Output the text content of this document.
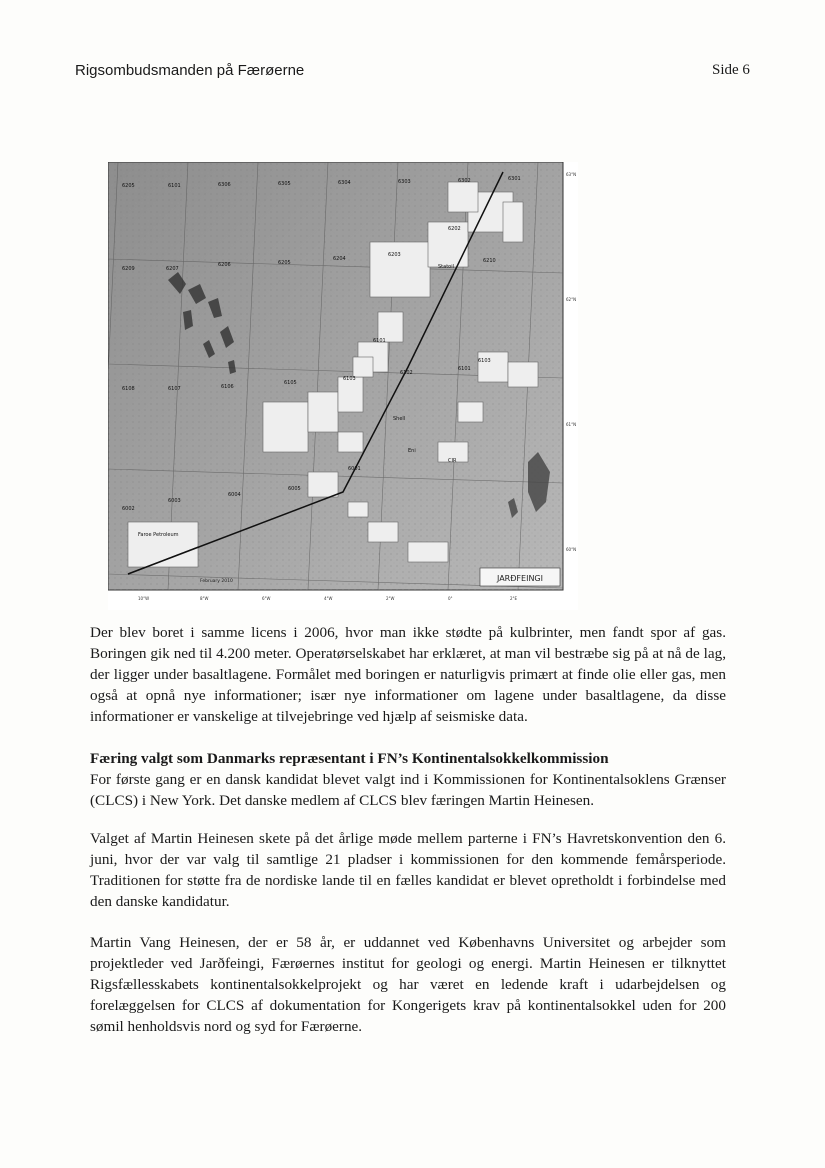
Rigsombudsmanden på Færøerne	Side 6
6205	6101	6306	6305	6304	6303	6302	6301
6202
6209	6207
6206	6205
6204
6203
6101
6108	6107	6106
6105
6103
6102
6101
6005
6004
6003
6002
6001
6103
6210
Statoil
Faroe Petroleum
Shell
Eni
CIR
63°N
62°N
61°N
60°N
10°W	8°W	6°W	4°W	2°W	0°	2°E
JARÐFEINGI
February 2010

Der blev boret i samme licens i 2006, hvor man ikke stødte på kulbrinter, men fandt spor af gas. Boringen gik ned til 4.200 meter. Operatørselskabet har erklæret, at man vil bestræbe sig på at nå de lag, der ligger under basaltlagene. Formålet med boringen er naturligvis primært at finde olie eller gas, men også at opnå nye informationer; især nye informationer om lagene under basaltlagene, da disse informationer er vanskelige at tilvejebringe ved hjælp af seismiske data.

Færing valgt som Danmarks repræsentant i FN’s Kontinentalsokkelkommission

For første gang er en dansk kandidat blevet valgt ind i Kommissionen for Kontinentalsoklens Grænser (CLCS) i New York. Det danske medlem af CLCS blev færingen Martin Heinesen.

Valget af Martin Heinesen skete på det årlige møde mellem parterne i FN’s Havretskonvention den 6. juni, hvor der var valg til samtlige 21 pladser i kommissionen for den kommende femårsperiode. Traditionen for støtte fra de nordiske lande til en fælles kandidat er blevet opretholdt i forbindelse med den danske kandidatur.

Martin Vang Heinesen, der er 58 år, er uddannet ved Københavns Universitet og arbejder som projektleder ved Jarðfeingi, Færøernes institut for geologi og energi. Martin Heinesen er tilknyttet Rigsfællesskabets kontinentalsokkelprojekt og har været en ledende kraft i udarbejdelsen og forelæggelsen for CLCS af dokumentation for Kongerigets krav på kontinentalsokkel uden for 200 sømil henholdsvis nord og syd for Færøerne.
